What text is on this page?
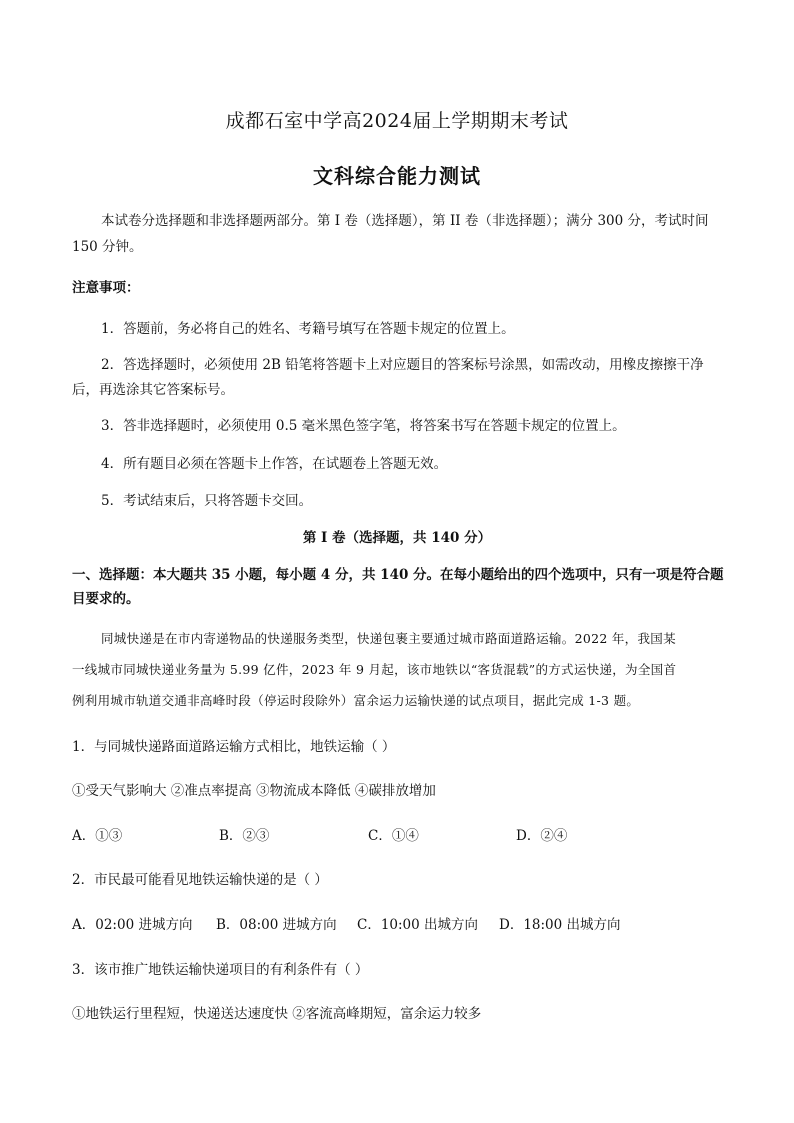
成都石室中学高2024届上学期期末考试
文科综合能力测试
本试卷分选择题和非选择题两部分。第 I 卷（选择题），第 II 卷（非选择题）；满分 300 分，考试时间
150 分钟。
注意事项：
1．答题前，务必将自己的姓名、考籍号填写在答题卡规定的位置上。
2．答选择题时，必须使用 2B 铅笔将答题卡上对应题目的答案标号涂黑，如需改动，用橡皮擦擦干净
后，再选涂其它答案标号。
3．答非选择题时，必须使用 0.5 毫米黑色签字笔，将答案书写在答题卡规定的位置上。
4．所有题目必须在答题卡上作答，在试题卷上答题无效。
5．考试结束后，只将答题卡交回。
第 I 卷（选择题，共 140 分）
一、选择题：本大题共 35 小题，每小题 4 分，共 140 分。在每小题给出的四个选项中，只有一项是符合题
目要求的。
同城快递是在市内寄递物品的快递服务类型，快递包裹主要通过城市路面道路运输。2022 年，我国某
一线城市同城快递业务量为 5.99 亿件，2023 年 9 月起，该市地铁以“客货混载”的方式运快递，为全国首
例利用城市轨道交通非高峰时段（停运时段除外）富余运力运输快递的试点项目，据此完成 1-3 题。
1．与同城快递路面道路运输方式相比，地铁运输（ ）
①受天气影响大 ②准点率提高 ③物流成本降低 ④碳排放增加
A．①③	B．②③	C．①④	D．②④
2．市民最可能看见地铁运输快递的是（ ）
A．02:00 进城方向 B．08:00 进城方向 C．10:00 出城方向 D．18:00 出城方向
3．该市推广地铁运输快递项目的有利条件有（ ）
①地铁运行里程短，快递送达速度快 ②客流高峰期短，富余运力较多
